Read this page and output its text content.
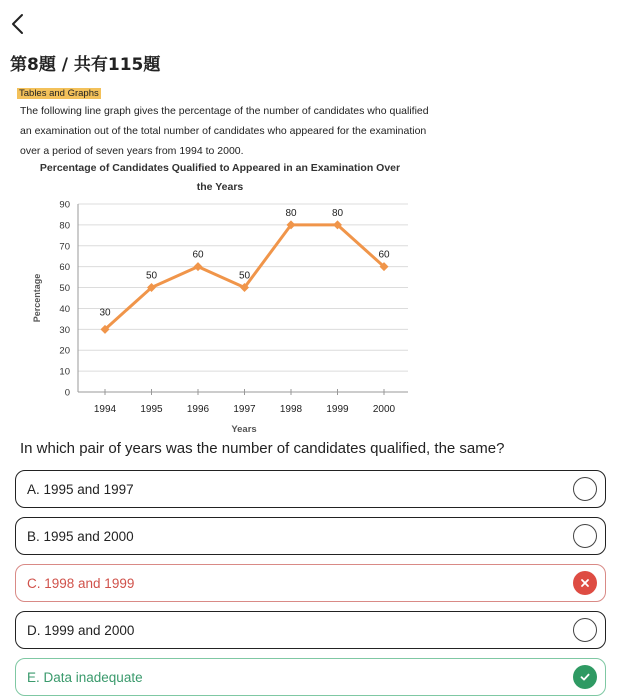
第8題 / 共有115題
Tables and Graphs
The following line graph gives the percentage of the number of candidates who qualified an examination out of the total number of candidates who appeared for the examination over a period of seven years from 1994 to 2000.
Percentage of Candidates Qualified to Appeared in an Examination Over
the Years
0
10
20
30
40
50
60
70
80
90
1994 1995 1996 1997 1998 1999 2000
Years
Percentage	30
50
60
50
80	80
60
In which pair of years was the number of candidates qualified, the same?
A. 1995 and 1997
B. 1995 and 2000
C. 1998 and 1999
D. 1999 and 2000
E. Data inadequate
